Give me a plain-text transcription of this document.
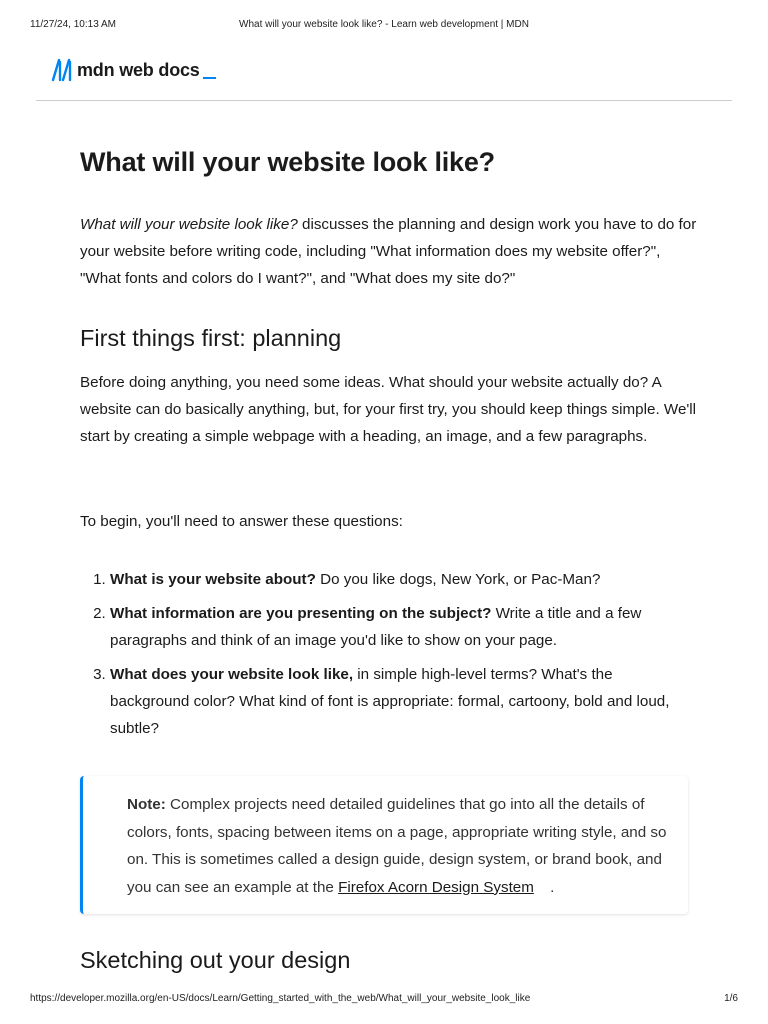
11/27/24, 10:13 AM	What will your website look like? - Learn web development | MDN
mdn web docs
What will your website look like?

What will your website look like? discusses the planning and design work you have to do for your website before writing code, including "What information does my website offer?", "What fonts and colors do I want?", and "What does my site do?"

First things first: planning

Before doing anything, you need some ideas. What should your website actually do? A website can do basically anything, but, for your first try, you should keep things simple. We'll start by creating a simple webpage with a heading, an image, and a few paragraphs.

To begin, you'll need to answer these questions:

1. What is your website about? Do you like dogs, New York, or Pac-Man?
2. What information are you presenting on the subject? Write a title and a few paragraphs and think of an image you'd like to show on your page.
3. What does your website look like, in simple high-level terms? What's the background color? What kind of font is appropriate: formal, cartoony, bold and loud, subtle?

Note: Complex projects need detailed guidelines that go into all the details of colors, fonts, spacing between items on a page, appropriate writing style, and so on. This is sometimes called a design guide, design system, or brand book, and you can see an example at the Firefox Acorn Design System .

Sketching out your design
https://developer.mozilla.org/en-US/docs/Learn/Getting_started_with_the_web/What_will_your_website_look_like	1/6
